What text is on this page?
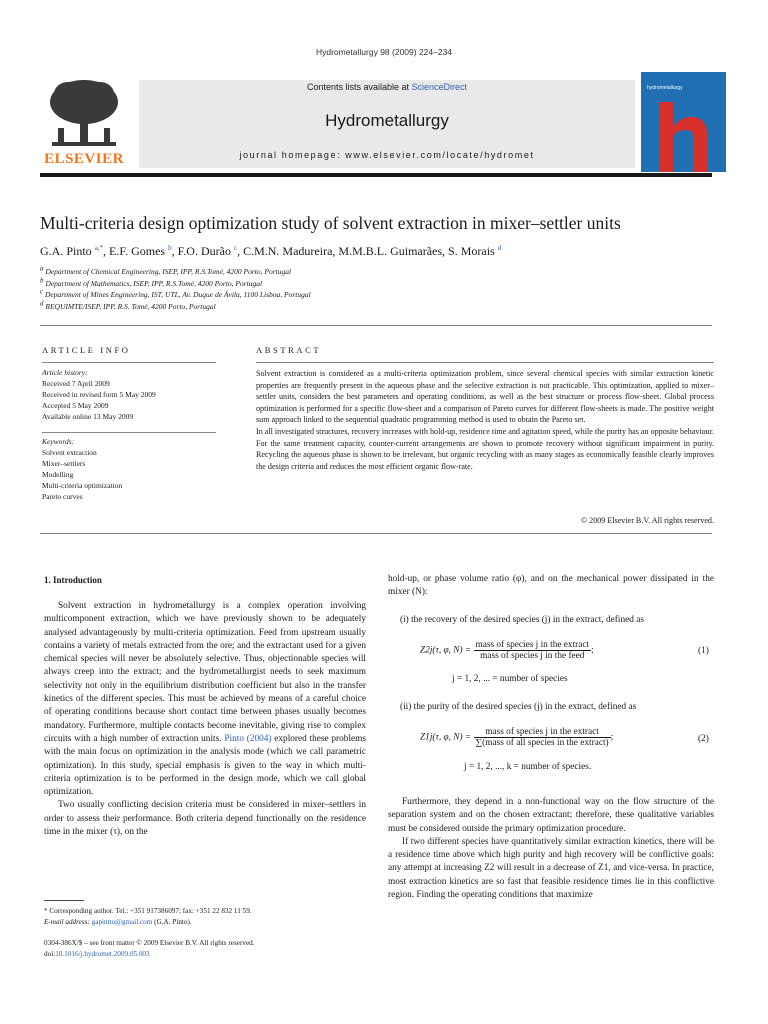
Hydrometallurgy 98 (2009) 224–234
Contents lists available at ScienceDirect
Hydrometallurgy
journal homepage: www.elsevier.com/locate/hydromet
ELSEVIER
hydrometallurgy
Multi-criteria design optimization study of solvent extraction in mixer–settler units
G.A. Pinto $^{a,*}$, E.F. Gomes $^b$, F.O. Durão $^c$, C.M.N. Madureira, M.M.B.L. Guimarães, S. Morais $^d$
$^a$ Department of Chemical Engineering, ISEP, IPP, R.S.Tomé, 4200 Porto, Portugal
$^b$ Department of Mathematics, ISEP, IPP, R.S.Tomé, 4200 Porto, Portugal
$^c$ Department of Mines Engineering, IST, UTL, Av. Duque de Ávila, 1100 Lisboa, Portugal
$^d$ REQUIMTE/ISEP, IPP, R.S. Tomé, 4200 Porto, Portugal
ARTICLE INFO
Article history:
Received 7 April 2009
Received in revised form 5 May 2009
Accepted 5 May 2009
Available online 13 May 2009
Keywords:
Solvent extraction
Mixer–settlers
Modelling
Multi-criteria optimization
Pareto curves
ABSTRACT

Solvent extraction is considered as a multi-criteria optimization problem, since several chemical species with similar extraction kinetic properties are frequently present in the aqueous phase and the selective extraction is not practicable. This optimization, applied to mixer–settler units, considers the best parameters and operating conditions, as well as the best structure or process flow-sheet. Global process optimization is performed for a specific flow-sheet and a comparison of Pareto curves for different flow-sheets is made. The positive weight sum approach linked to the sequential quadratic programming method is used to obtain the Pareto set.

In all investigated structures, recovery increases with hold-up, residence time and agitation speed, while the purity has an opposite behaviour. For the same treatment capacity, counter-current arrangements are shown to promote recovery without significant impairment in purity. Recycling the aqueous phase is shown to be irrelevant, but organic recycling with as many stages as economically feasible clearly improves the design criteria and reduces the most efficient organic flow-rate.

© 2009 Elsevier B.V. All rights reserved.
1. Introduction

Solvent extraction in hydrometallurgy is a complex operation involving multicomponent extraction, which we have previously shown to be adequately analysed advantageously by multi-criteria optimization. Feed from upstream usually contains a variety of metals extracted from the ore; and the extractant used for a given chemical species will never be absolutely selective. Thus, objectionable species will always creep into the extract; and the hydrometallurgist needs to seek maximum selectivity not only in the equilibrium distribution coefficient but also in the transfer kinetics of the different species. This must be achieved by means of a careful choice of operating conditions because short contact time between phases usually becomes mandatory. Furthermore, multiple contacts become inevitable, giving rise to complex circuits with a high number of extraction units. Pinto (2004) explored these problems with the main focus on optimization in the analysis mode (which we call parametric optimization). In this study, special emphasis is given to the way in which multi-criteria optimization is to be performed in the design mode, which we call global optimization.

Two usually conflicting decision criteria must be considered in mixer–settlers in order to assess their performance. Both criteria depend functionally on the residence time in the mixer (τ), on the

* Corresponding author. Tel.: +351 917386097; fax: +351 22 832 11 59.
E-mail address: gapintto@gmail.com (G.A. Pinto).
0304-386X/$ – see front matter © 2009 Elsevier B.V. All rights reserved.
doi:10.1016/j.hydromet.2009.05.003
hold-up, or phase volume ratio (φ), and on the mechanical power dissipated in the mixer (N):
(i) the recovery of the desired species (j) in the extract, defined as
Z2j(τ, φ, $N) = \frac{\text{mass of species j in the extract}}{\text{mass of species j in the feed}}$ ;	(1)
j = 1, 2, ... = number of species
(ii) the purity of the desired species (j) in the extract, defined as
Z1j(τ, φ, $N) = \frac{\text{mass of species j in the extract}}{\text{∑(mass of all species in the extract)}}$ ;	(2)
j = 1, 2, ..., k = number of species.

Furthermore, they depend in a non-functional way on the flow structure of the separation system and on the chosen extractant; therefore, these qualitative variables must be considered outside the primary optimization procedure.

If two different species have quantitatively similar extraction kinetics, there will be a residence time above which high purity and high recovery will be conflictive goals: any attempt at increasing Z2 will result in a decrease of Z1, and vice-versa. In practice, most extraction kinetics are so fast that feasible residence times lie in this conflictive region. Finding the operating conditions that maximize
